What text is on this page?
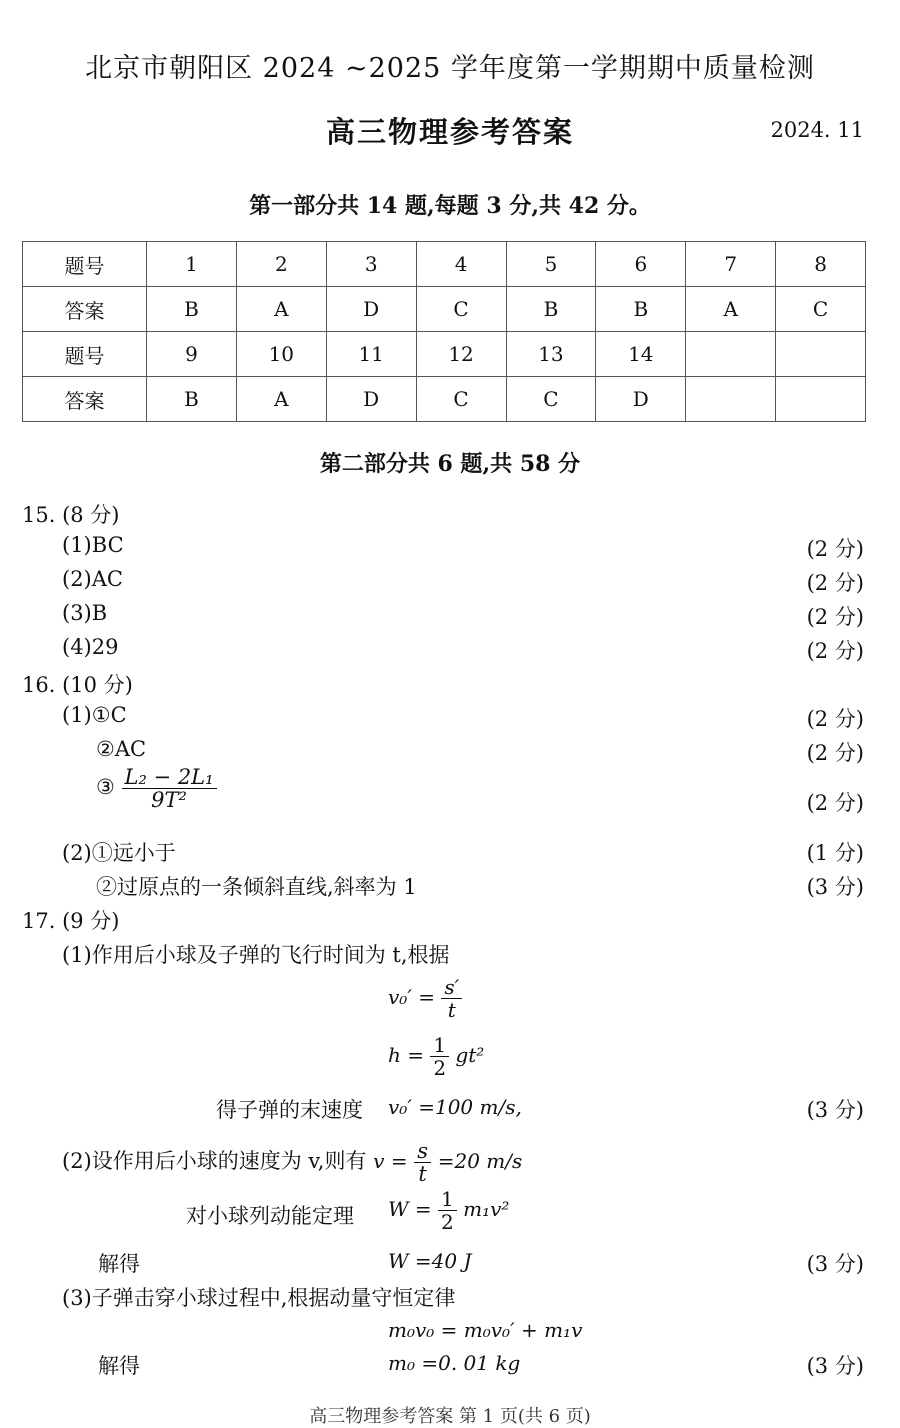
北京市朝阳区 2024 ~2025 学年度第一学期期中质量检测
高三物理参考答案	2024. 11
第一部分共 14 题,每题 3 分,共 42 分。
题号	1	2	3	4	5	6	7	8
答案	B	A	D	C	B	B	A	C
题号	9	10	11	12	13	14		
答案	B	A	D	C	C	D		
第二部分共 6 题,共 58 分
15. (8 分)
(1)BC	(2 分)
(2)AC	(2 分)
(3)B	(2 分)
(4)29	(2 分)
16. (10 分)
(1)①C	(2 分)
②AC	(2 分)
③ $\frac{\text{L₂ − 2L₁}}{\text{9T²}}$	(2 分)
(2)①远小于	(1 分)
②过原点的一条倾斜直线,斜率为 1	(3 分)
17. (9 分)
(1)作用后小球及子弹的飞行时间为 t,根据
$v_0' = \frac{s'}{t}$
$h = \frac{1}{2} gt^2$
得子弹的末速度 v₀′ =100 m/s,	(3 分)
(2)设作用后小球的速度为 v,则有 $v = \frac{s}{t} =20$ m/s
对小球列动能定理 $W = \frac{1}{2} m_1v^2$
解得	W =40 J	(3 分)
(3)子弹击穿小球过程中,根据动量守恒定律
m₀v₀ = m₀v₀′ + m₁v
解得	m₀ =0. 01 kg	(3 分)
高三物理参考答案 第 1 页(共 6 页)
